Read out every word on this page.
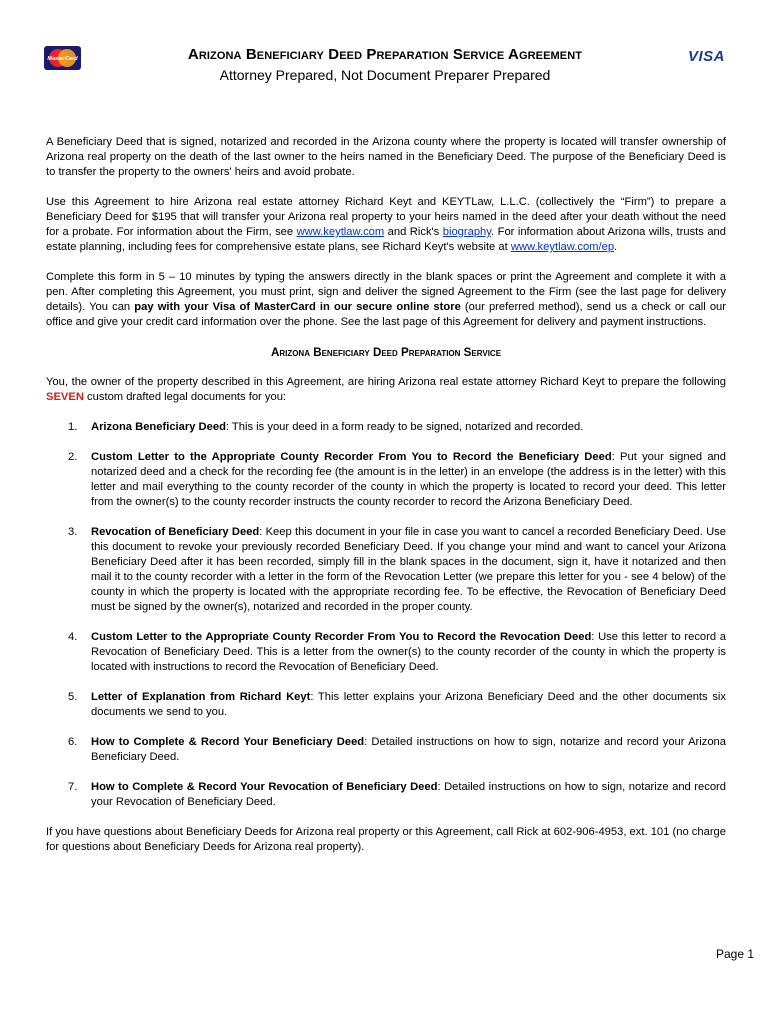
MasterCard	VISA
Arizona Beneficiary Deed Preparation Service Agreement
Attorney Prepared, Not Document Preparer Prepared

A Beneficiary Deed that is signed, notarized and recorded in the Arizona county where the property is located will transfer ownership of Arizona real property on the death of the last owner to the heirs named in the Beneficiary Deed. The purpose of the Beneficiary Deed is to transfer the property to the owners' heirs and avoid probate.

Use this Agreement to hire Arizona real estate attorney Richard Keyt and KEYTLaw, L.L.C. (collectively the “Firm”) to prepare a Beneficiary Deed for $195 that will transfer your Arizona real property to your heirs named in the deed after your death without the need for a probate. For information about the Firm, see www.keytlaw.com and Rick's biography. For information about Arizona wills, trusts and estate planning, including fees for comprehensive estate plans, see Richard Keyt's website at www.keytlaw.com/ep.

Complete this form in 5 – 10 minutes by typing the answers directly in the blank spaces or print the Agreement and complete it with a pen. After completing this Agreement, you must print, sign and deliver the signed Agreement to the Firm (see the last page for delivery details). You can pay with your Visa of MasterCard in our secure online store (our preferred method), send us a check or call our office and give your credit card information over the phone. See the last page of this Agreement for delivery and payment instructions.

Arizona Beneficiary Deed Preparation Service

You, the owner of the property described in this Agreement, are hiring Arizona real estate attorney Richard Keyt to prepare the following SEVEN custom drafted legal documents for you:

1. Arizona Beneficiary Deed: This is your deed in a form ready to be signed, notarized and recorded.
2. Custom Letter to the Appropriate County Recorder From You to Record the Beneficiary Deed: Put your signed and notarized deed and a check for the recording fee (the amount is in the letter) in an envelope (the address is in the letter) with this letter and mail everything to the county recorder of the county in which the property is located to record your deed. This letter from the owner(s) to the county recorder instructs the county recorder to record the Arizona Beneficiary Deed.
3. Revocation of Beneficiary Deed: Keep this document in your file in case you want to cancel a recorded Beneficiary Deed. Use this document to revoke your previously recorded Beneficiary Deed. If you change your mind and want to cancel your Arizona Beneficiary Deed after it has been recorded, simply fill in the blank spaces in the document, sign it, have it notarized and then mail it to the county recorder with a letter in the form of the Revocation Letter (we prepare this letter for you - see 4 below) of the county in which the property is located with the appropriate recording fee. To be effective, the Revocation of Beneficiary Deed must be signed by the owner(s), notarized and recorded in the proper county.
4. Custom Letter to the Appropriate County Recorder From You to Record the Revocation Deed: Use this letter to record a Revocation of Beneficiary Deed. This is a letter from the owner(s) to the county recorder of the county in which the property is located with instructions to record the Revocation of Beneficiary Deed.
5. Letter of Explanation from Richard Keyt: This letter explains your Arizona Beneficiary Deed and the other documents six documents we send to you.
6. How to Complete & Record Your Beneficiary Deed: Detailed instructions on how to sign, notarize and record your Arizona Beneficiary Deed.
7. How to Complete & Record Your Revocation of Beneficiary Deed: Detailed instructions on how to sign, notarize and record your Revocation of Beneficiary Deed.

If you have questions about Beneficiary Deeds for Arizona real property or this Agreement, call Rick at 602-906-4953, ext. 101 (no charge for questions about Beneficiary Deeds for Arizona real property).

Page 1
